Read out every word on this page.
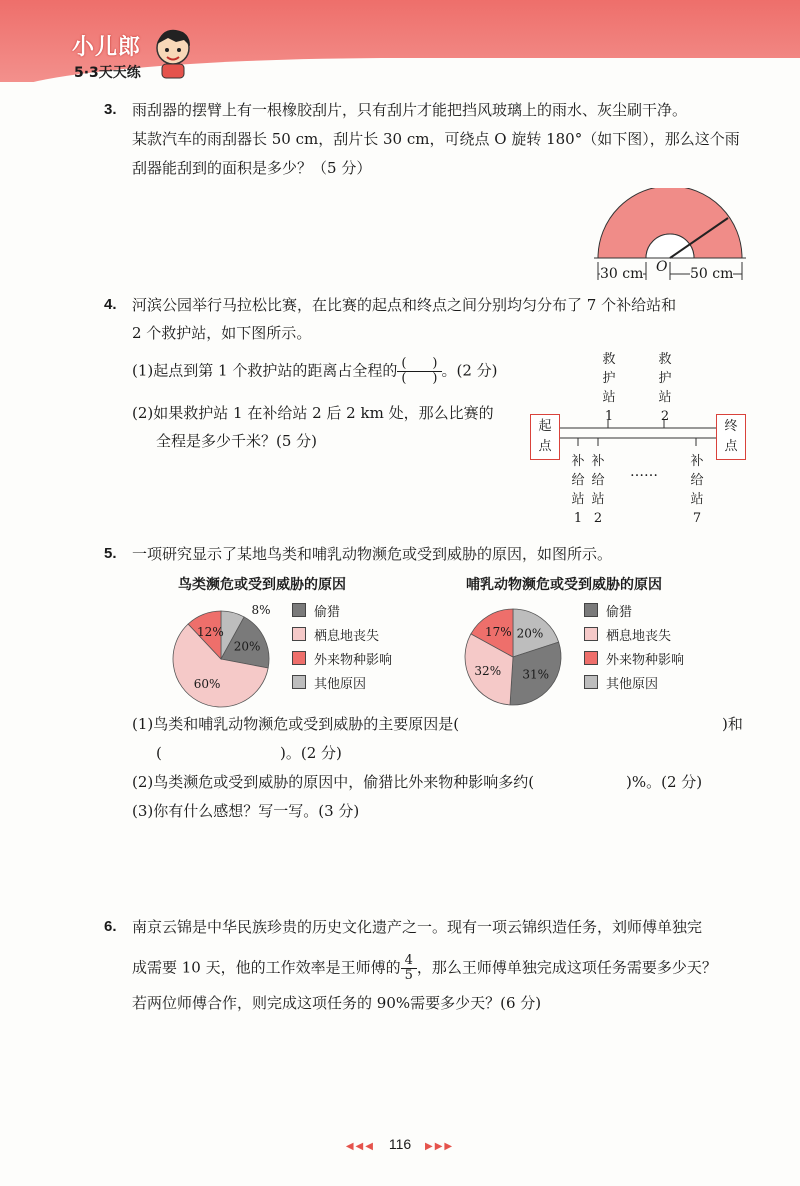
小儿郎
5·3天天练
3. 雨刮器的摆臂上有一根橡胶刮片，只有刮片才能把挡风玻璃上的雨水、灰尘刷干净。
某款汽车的雨刮器长 50 cm，刮片长 30 cm，可绕点 O 旋转 180°（如下图），那么这个雨
刮器能刮到的面积是多少？（5 分）
30 cm O 50 cm
4. 河滨公园举行马拉松比赛，在比赛的起点和终点之间分别均匀分布了 7 个补给站和
2 个救护站，如下图所示。
(1)起点到第 1 个救护站的距离占全程的 $\frac{( )}{( )}$ 。(2 分)
(2)如果救护站 1 在补给站 2 后 2 km 处，那么比赛的
全程是多少千米？(5 分)
起点
终点
救护站
1
救护站
2
补给站
1
补给站
2
补给站
7
……
5. 一项研究显示了某地鸟类和哺乳动物濒危或受到威胁的原因，如图所示。
鸟类濒危或受到威胁的原因	哺乳动物濒危或受到威胁的原因
8%
20%
60%
12%	20%
31%
32%
17%
偷猎
栖息地丧失
外来物种影响
其他原因
偷猎
栖息地丧失
外来物种影响
其他原因
(1)鸟类和哺乳动物濒危或受到威胁的主要原因是(	)和
(	)。(2 分)
(2)鸟类濒危或受到威胁的原因中，偷猎比外来物种影响多约(	)%。(2 分)
(3)你有什么感想？写一写。(3 分)
6. 南京云锦是中华民族珍贵的历史文化遗产之一。现有一项云锦织造任务，刘师傅单独完
成需要 10 天，他的工作效率是王师傅的 $\frac{4}{5}$ ，那么王师傅单独完成这项任务需要多少天？
若两位师傅合作，则完成这项任务的 90%需要多少天？(6 分)
◀◀◀ 116 ▶▶▶
